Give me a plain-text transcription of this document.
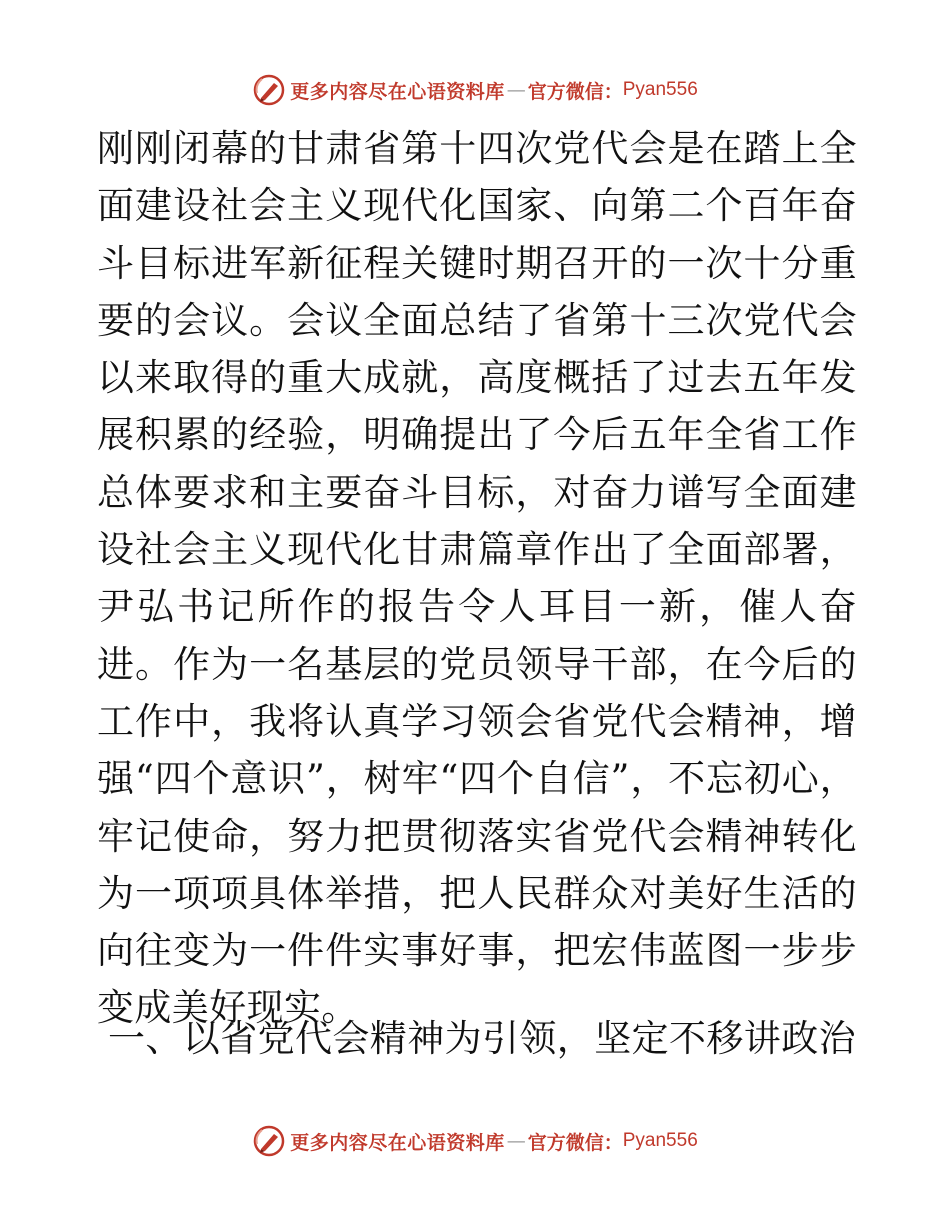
更多内容尽在心语资料库 — 官方微信： Pyan556

刚刚闭幕的甘肃省第十四次党代会是在踏上全面建设社会主义现代化国家、向第二个百年奋斗目标进军新征程关键时期召开的一次十分重要的会议。会议全面总结了省第十三次党代会以来取得的重大成就，高度概括了过去五年发展积累的经验，明确提出了今后五年全省工作总体要求和主要奋斗目标，对奋力谱写全面建设社会主义现代化甘肃篇章作出了全面部署，尹弘书记所作的报告令人耳目一新，催人奋进。作为一名基层的党员领导干部，在今后的工作中，我将认真学习领会省党代会精神，增强“四个意识”，树牢“四个自信”，不忘初心，牢记使命，努力把贯彻落实省党代会精神转化为一项项具体举措，把人民群众对美好生活的向往变为一件件实事好事，把宏伟蓝图一步步变成美好现实。

一、以省党代会精神为引领，坚定不移讲政治
更多内容尽在心语资料库 — 官方微信： Pyan556
